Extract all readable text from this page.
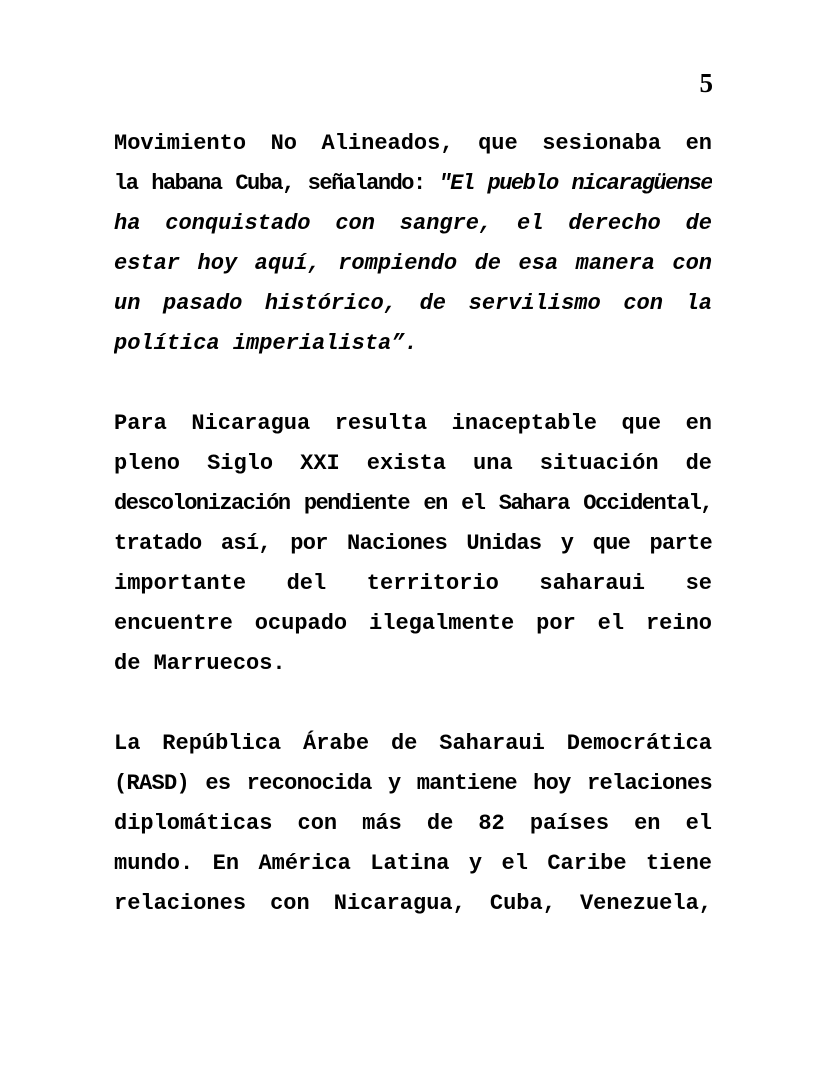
5
Movimiento No Alineados, que sesionaba en
la habana Cuba, señalando: "El pueblo nicaragüense
ha conquistado con sangre, el derecho de
estar hoy aquí, rompiendo de esa manera con
un pasado histórico, de servilismo con la
política imperialista”.
Para Nicaragua resulta inaceptable que en
pleno Siglo XXI exista una situación de
descolonización pendiente en el Sahara Occidental,
tratado así, por Naciones Unidas y que parte
importante del territorio saharaui se
encuentre ocupado ilegalmente por el reino
de Marruecos.
La República Árabe de Saharaui Democrática
(RASD) es reconocida y mantiene hoy relaciones
diplomáticas con más de 82 países en el
mundo. En América Latina y el Caribe tiene
relaciones con Nicaragua, Cuba, Venezuela,
